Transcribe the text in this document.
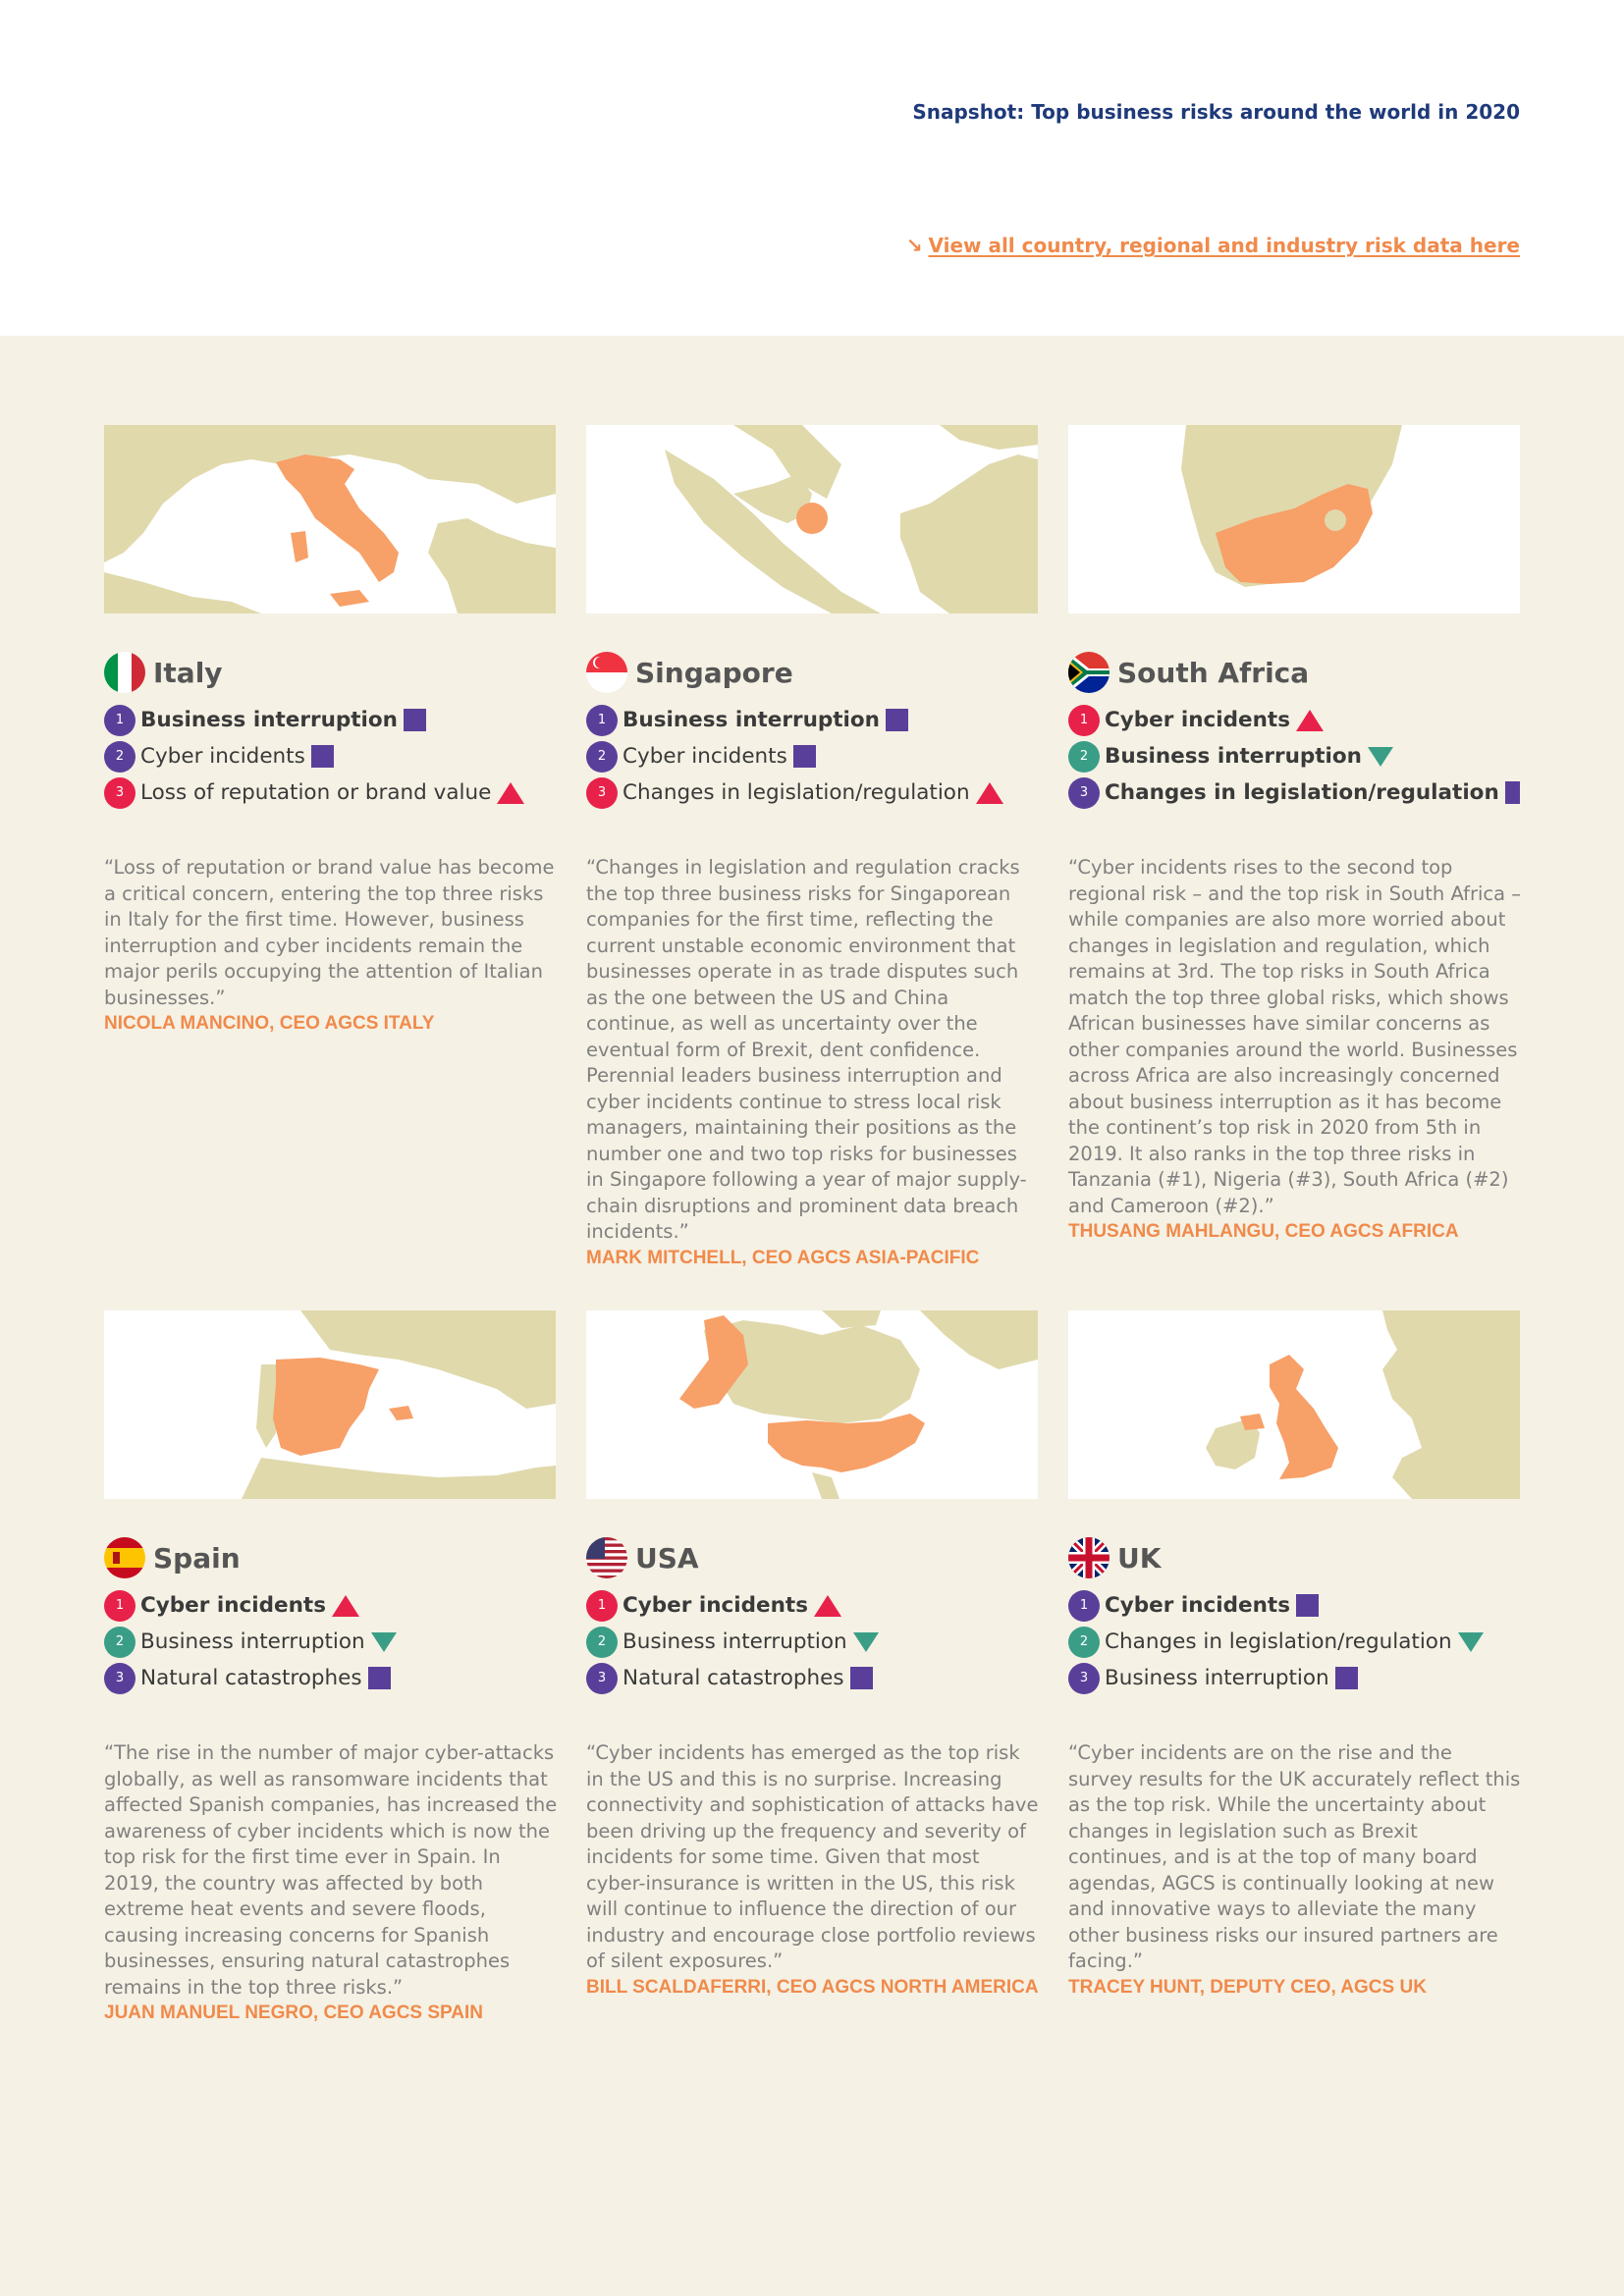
Snapshot: Top business risks around the world in 2020
↘ View all country, regional and industry risk data here
Italy
1 Business interruption
2 Cyber incidents
3 Loss of reputation or brand value

“Loss of reputation or brand value has become a critical concern, entering the top three risks in Italy for the first time. However, business interruption and cyber incidents remain the major perils occupying the attention of Italian businesses.”

NICOLA MANCINO, CEO AGCS ITALY

Singapore
1 Business interruption
2 Cyber incidents
3 Changes in legislation/regulation

“Changes in legislation and regulation cracks the top three business risks for Singaporean companies for the first time, reflecting the current unstable economic environment that businesses operate in as trade disputes such as the one between the US and China continue, as well as uncertainty over the eventual form of Brexit, dent confidence. Perennial leaders business interruption and cyber incidents continue to stress local risk managers, maintaining their positions as the number one and two top risks for businesses in Singapore following a year of major supply-chain disruptions and prominent data breach incidents.”

MARK MITCHELL, CEO AGCS ASIA-PACIFIC

South Africa
1 Cyber incidents
2 Business interruption
3 Changes in legislation/regulation

“Cyber incidents rises to the second top regional risk – and the top risk in South Africa – while companies are also more worried about changes in legislation and regulation, which remains at 3rd. The top risks in South Africa match the top three global risks, which shows African businesses have similar concerns as other companies around the world. Businesses across Africa are also increasingly concerned about business interruption as it has become the continent’s top risk in 2020 from 5th in 2019. It also ranks in the top three risks in Tanzania (#1), Nigeria (#3), South Africa (#2) and Cameroon (#2).”

THUSANG MAHLANGU, CEO AGCS AFRICA

Spain
1 Cyber incidents
2 Business interruption
3 Natural catastrophes

“The rise in the number of major cyber-attacks globally, as well as ransomware incidents that affected Spanish companies, has increased the awareness of cyber incidents which is now the top risk for the first time ever in Spain. In 2019, the country was affected by both extreme heat events and severe floods, causing increasing concerns for Spanish businesses, ensuring natural catastrophes remains in the top three risks.”

JUAN MANUEL NEGRO, CEO AGCS SPAIN

USA
1 Cyber incidents
2 Business interruption
3 Natural catastrophes

“Cyber incidents has emerged as the top risk in the US and this is no surprise. Increasing connectivity and sophistication of attacks have been driving up the frequency and severity of incidents for some time. Given that most cyber-insurance is written in the US, this risk will continue to influence the direction of our industry and encourage close portfolio reviews of silent exposures.”

BILL SCALDAFERRI, CEO AGCS NORTH AMERICA

UK
1 Cyber incidents
2 Changes in legislation/regulation
3 Business interruption

“Cyber incidents are on the rise and the survey results for the UK accurately reflect this as the top risk. While the uncertainty about changes in legislation such as Brexit continues, and is at the top of many board agendas, AGCS is continually looking at new and innovative ways to alleviate the many other business risks our insured partners are facing.”

TRACEY HUNT, DEPUTY CEO, AGCS UK
